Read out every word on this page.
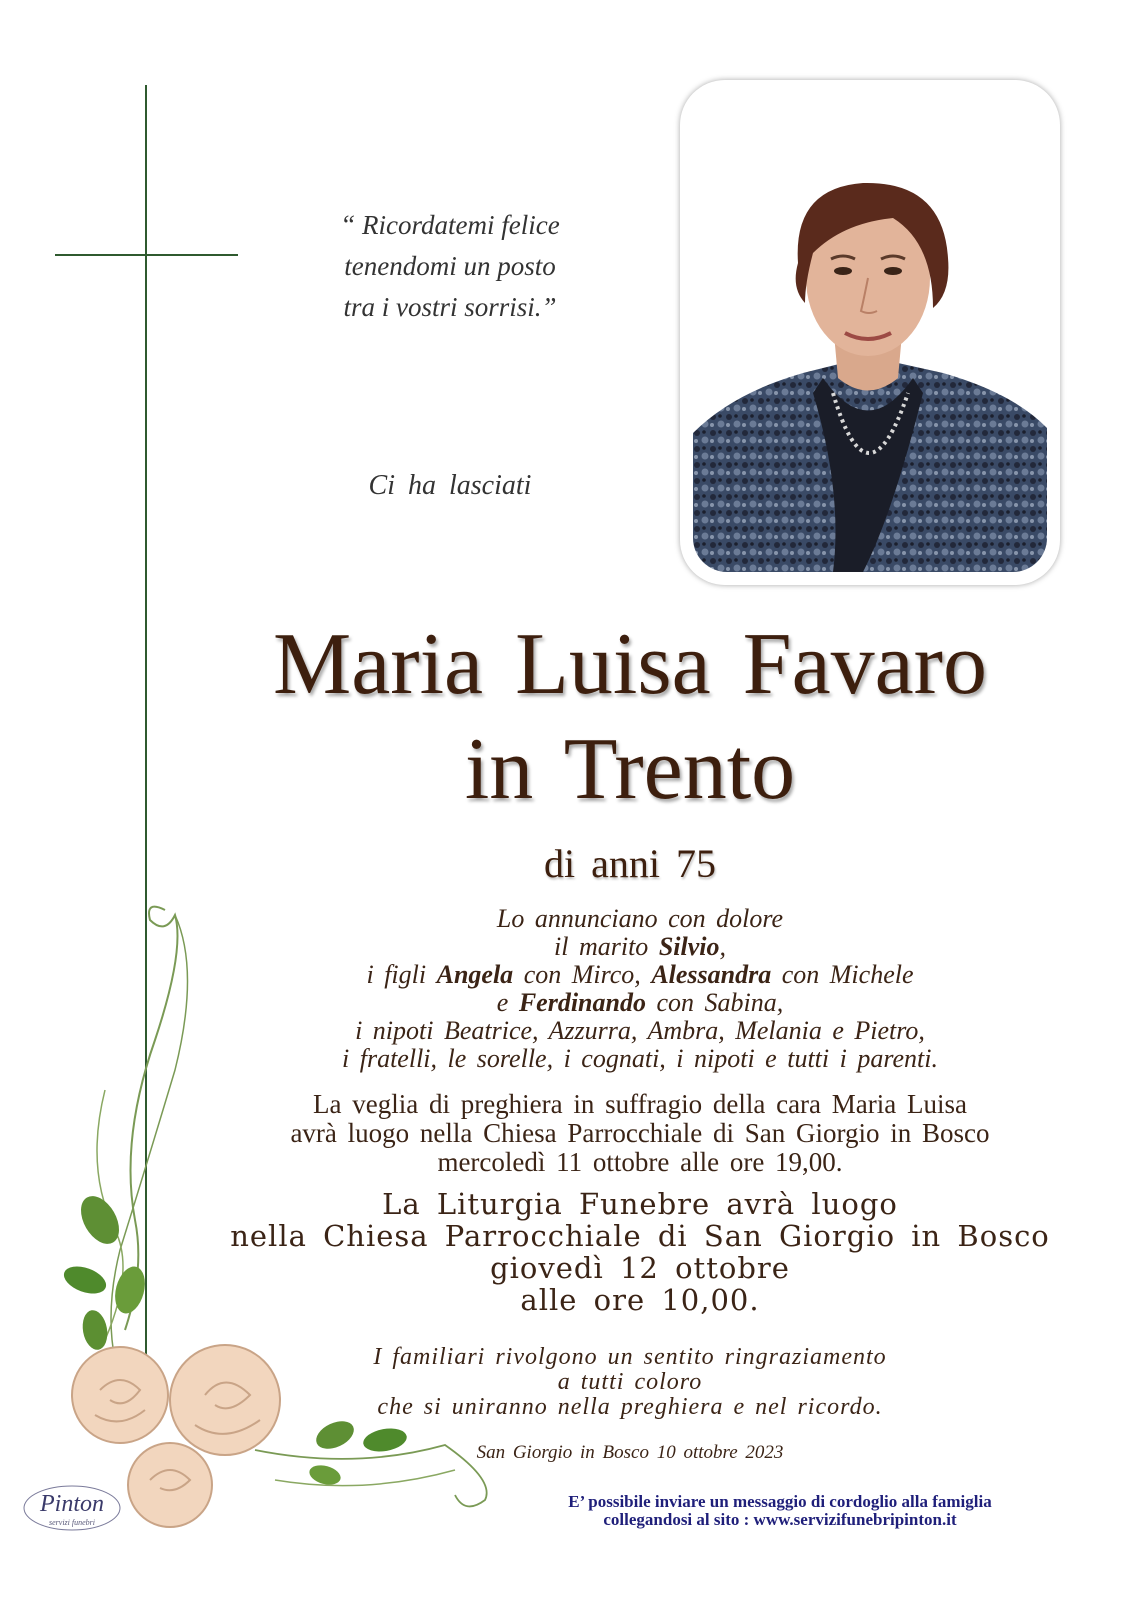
“ Ricordatemi felice
tenendomi un posto
tra i vostri sorrisi.”
Ci ha lasciati
Maria Luisa Favaro
in Trento
di anni 75
Lo annunciano con dolore
il marito Silvio,
i figli Angela con Mirco, Alessandra con Michele
e Ferdinando con Sabina,
i nipoti Beatrice, Azzurra, Ambra, Melania e Pietro,
i fratelli, le sorelle, i cognati, i nipoti e tutti i parenti.
La veglia di preghiera in suffragio della cara Maria Luisa
avrà luogo nella Chiesa Parrocchiale di San Giorgio in Bosco
mercoledì 11 ottobre alle ore 19,00.
La Liturgia Funebre avrà luogo
nella Chiesa Parrocchiale di San Giorgio in Bosco
giovedì 12 ottobre
alle ore 10,00.
I familiari rivolgono un sentito ringraziamento
a tutti coloro
che si uniranno nella preghiera e nel ricordo.
San Giorgio in Bosco 10 ottobre 2023
E’ possibile inviare un messaggio di cordoglio alla famiglia
collegandosi al sito : www.servizifunebripinton.it
Pinton
servizi funebri
